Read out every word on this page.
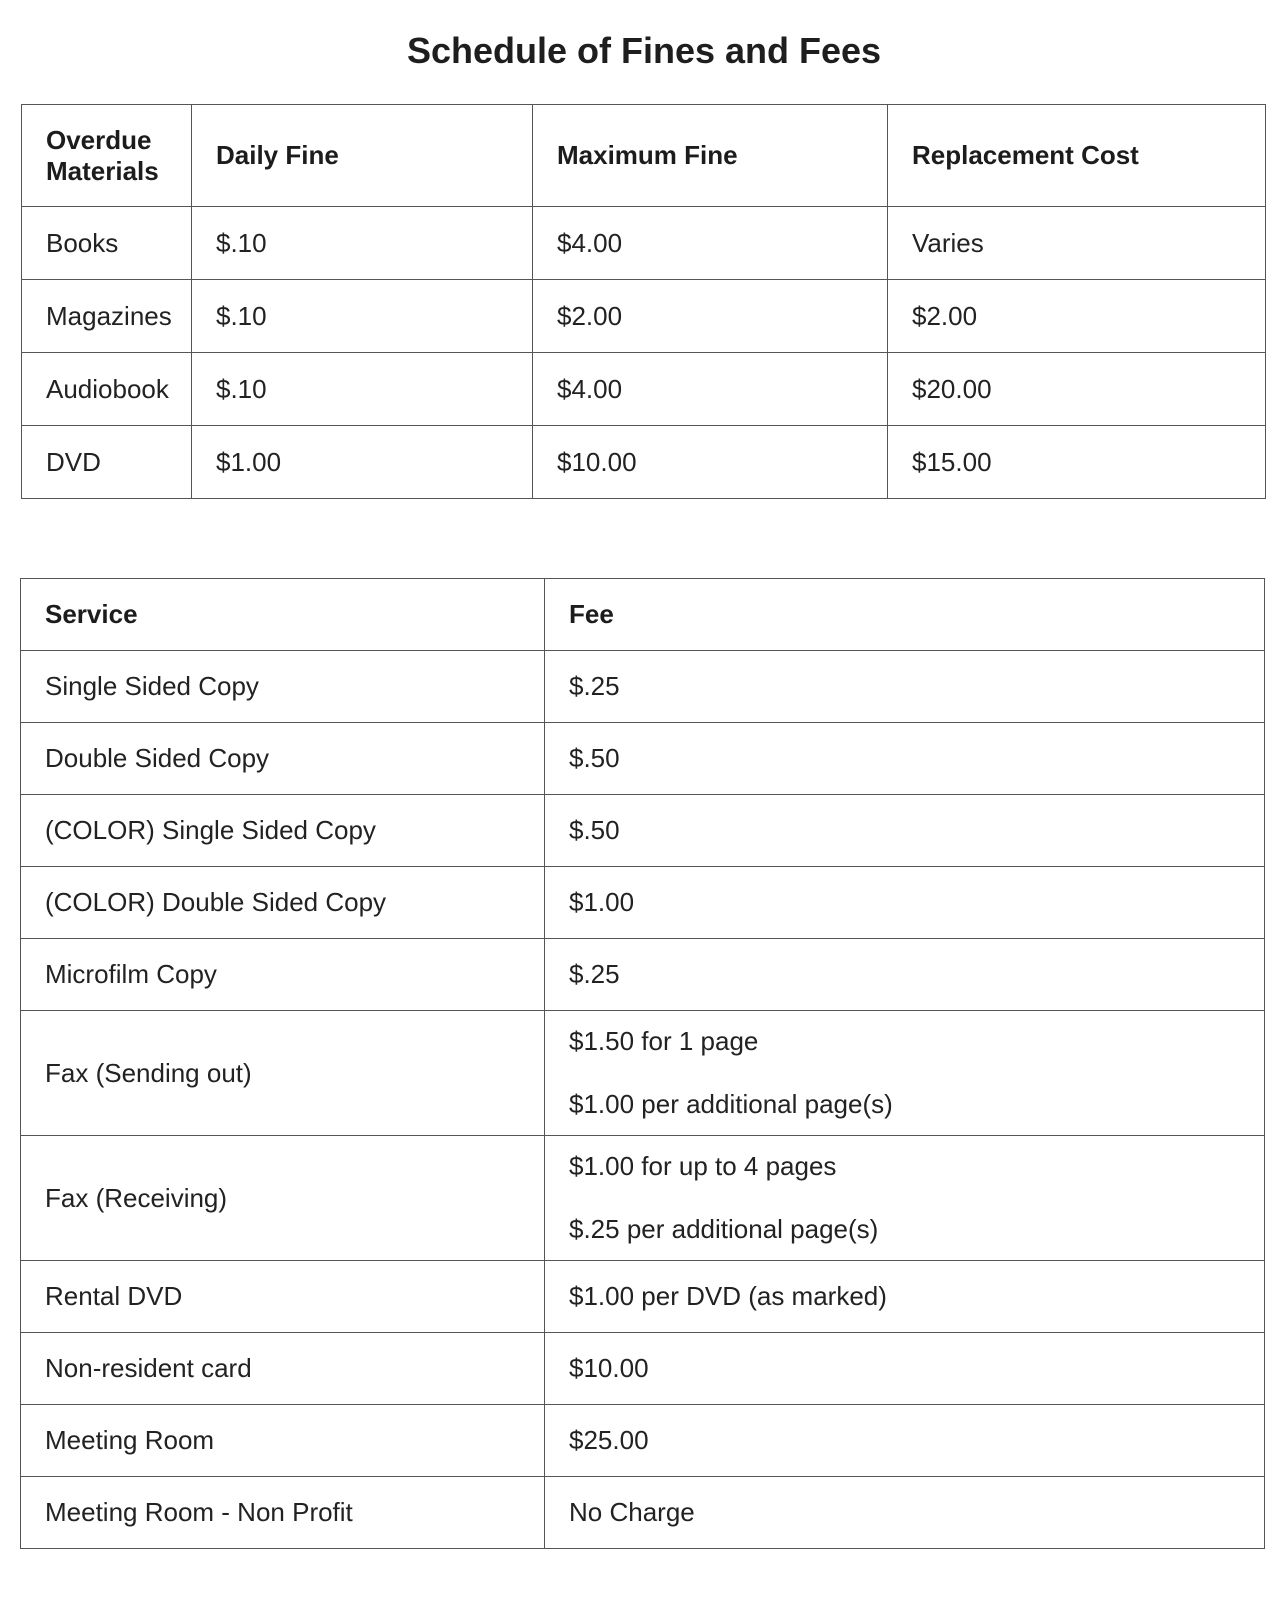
Schedule of Fines and Fees
Overdue Materials	Daily Fine	Maximum Fine	Replacement Cost
Books	$.10	$4.00	Varies
Magazines	$.10	$2.00	$2.00
Audiobook	$.10	$4.00	$20.00
DVD	$1.00	$10.00	$15.00
Service	Fee
Single Sided Copy	$.25
Double Sided Copy	$.50
(COLOR) Single Sided Copy	$.50
(COLOR) Double Sided Copy	$1.00
Microfilm Copy	$.25
Fax (Sending out)	$1.50 for 1 page
$1.00 per additional page(s)

Fax (Receiving)	$1.00 for up to 4 pages
$.25 per additional page(s)

Rental DVD	$1.00 per DVD (as marked)
Non-resident card	$10.00
Meeting Room	$25.00
Meeting Room - Non Profit	No Charge
